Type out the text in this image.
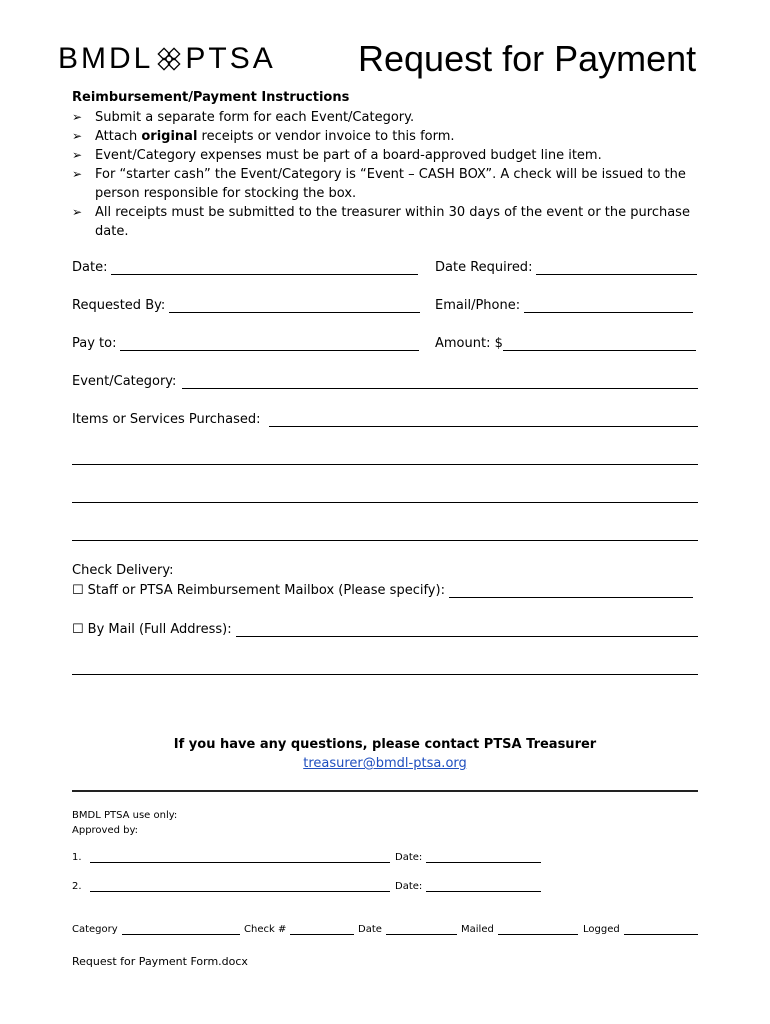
BMDL PTSA Request for Payment
Reimbursement/Payment Instructions
➢ Submit a separate form for each Event/Category.
➢ Attach original receipts or vendor invoice to this form.
➢ Event/Category expenses must be part of a board-approved budget line item.
➢ For “starter cash” the Event/Category is “Event – CASH BOX”. A check will be issued to the person responsible for stocking the box.
➢ All receipts must be submitted to the treasurer within 30 days of the event or the purchase date.
Date:	Date Required:
Requested By:	Email/Phone:
Pay to:	Amount: $
Event/Category:
Items or Services Purchased:
Check Delivery:
☐ Staff or PTSA Reimbursement Mailbox (Please specify):
☐ By Mail (Full Address):
If you have any questions, please contact PTSA Treasurer
treasurer@bmdl-ptsa.org
BMDL PTSA use only:
Approved by:
1.	Date:
2.	Date:
Category	Check #	Date	Mailed	Logged
Request for Payment Form.docx
